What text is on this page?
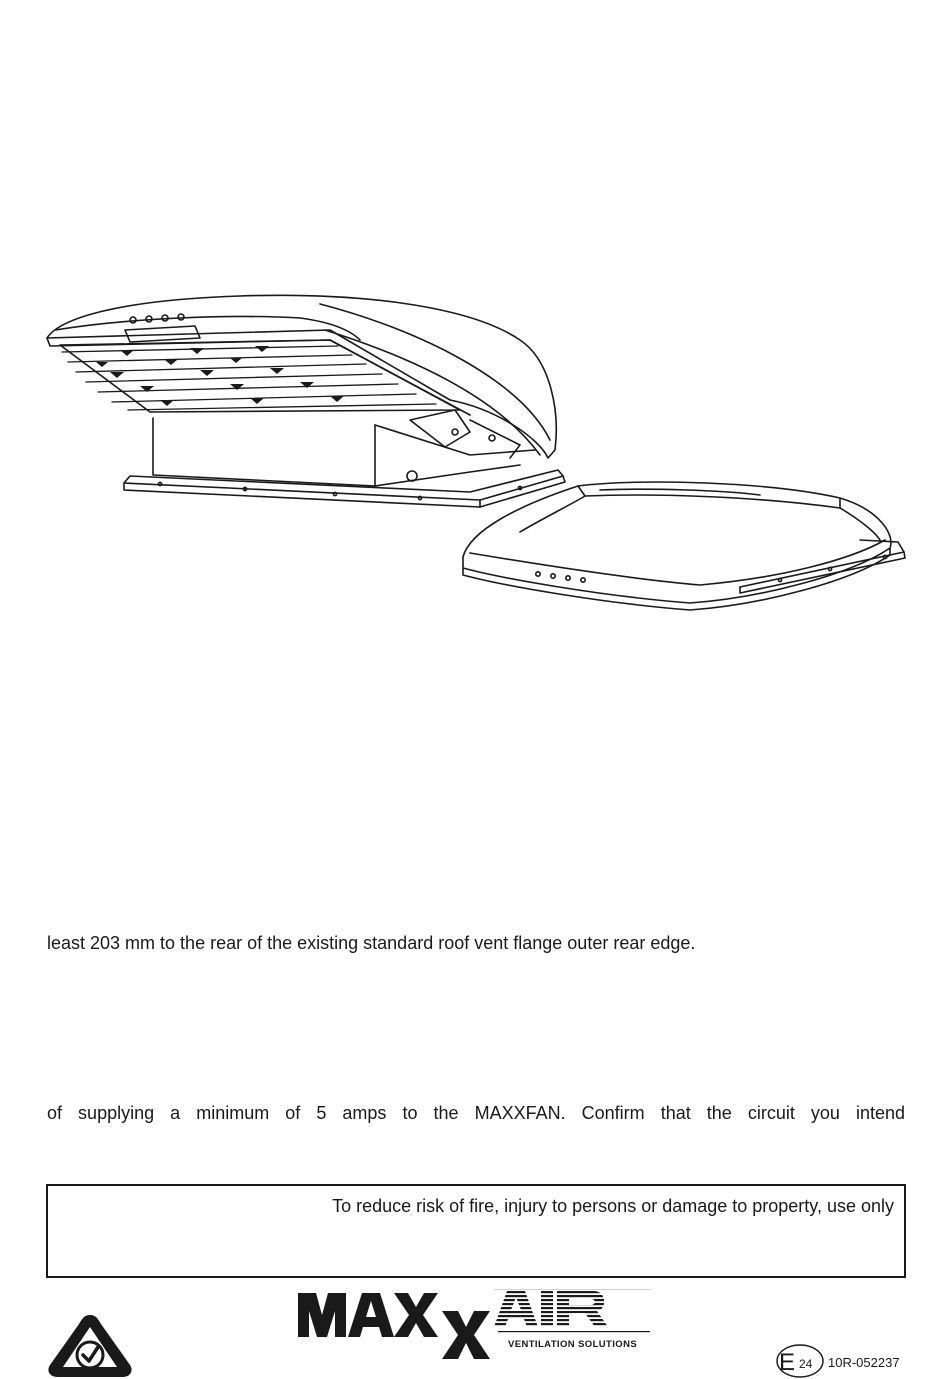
least 203 mm to the rear of the existing standard roof vent flange outer rear edge.

of supplying a minimum of 5 amps to the MAXXFAN. Confirm that the circuit you intend

To reduce risk of fire, injury to persons or damage to property, use only
VENTILATION SOLUTIONS
E 24 10R-052237
